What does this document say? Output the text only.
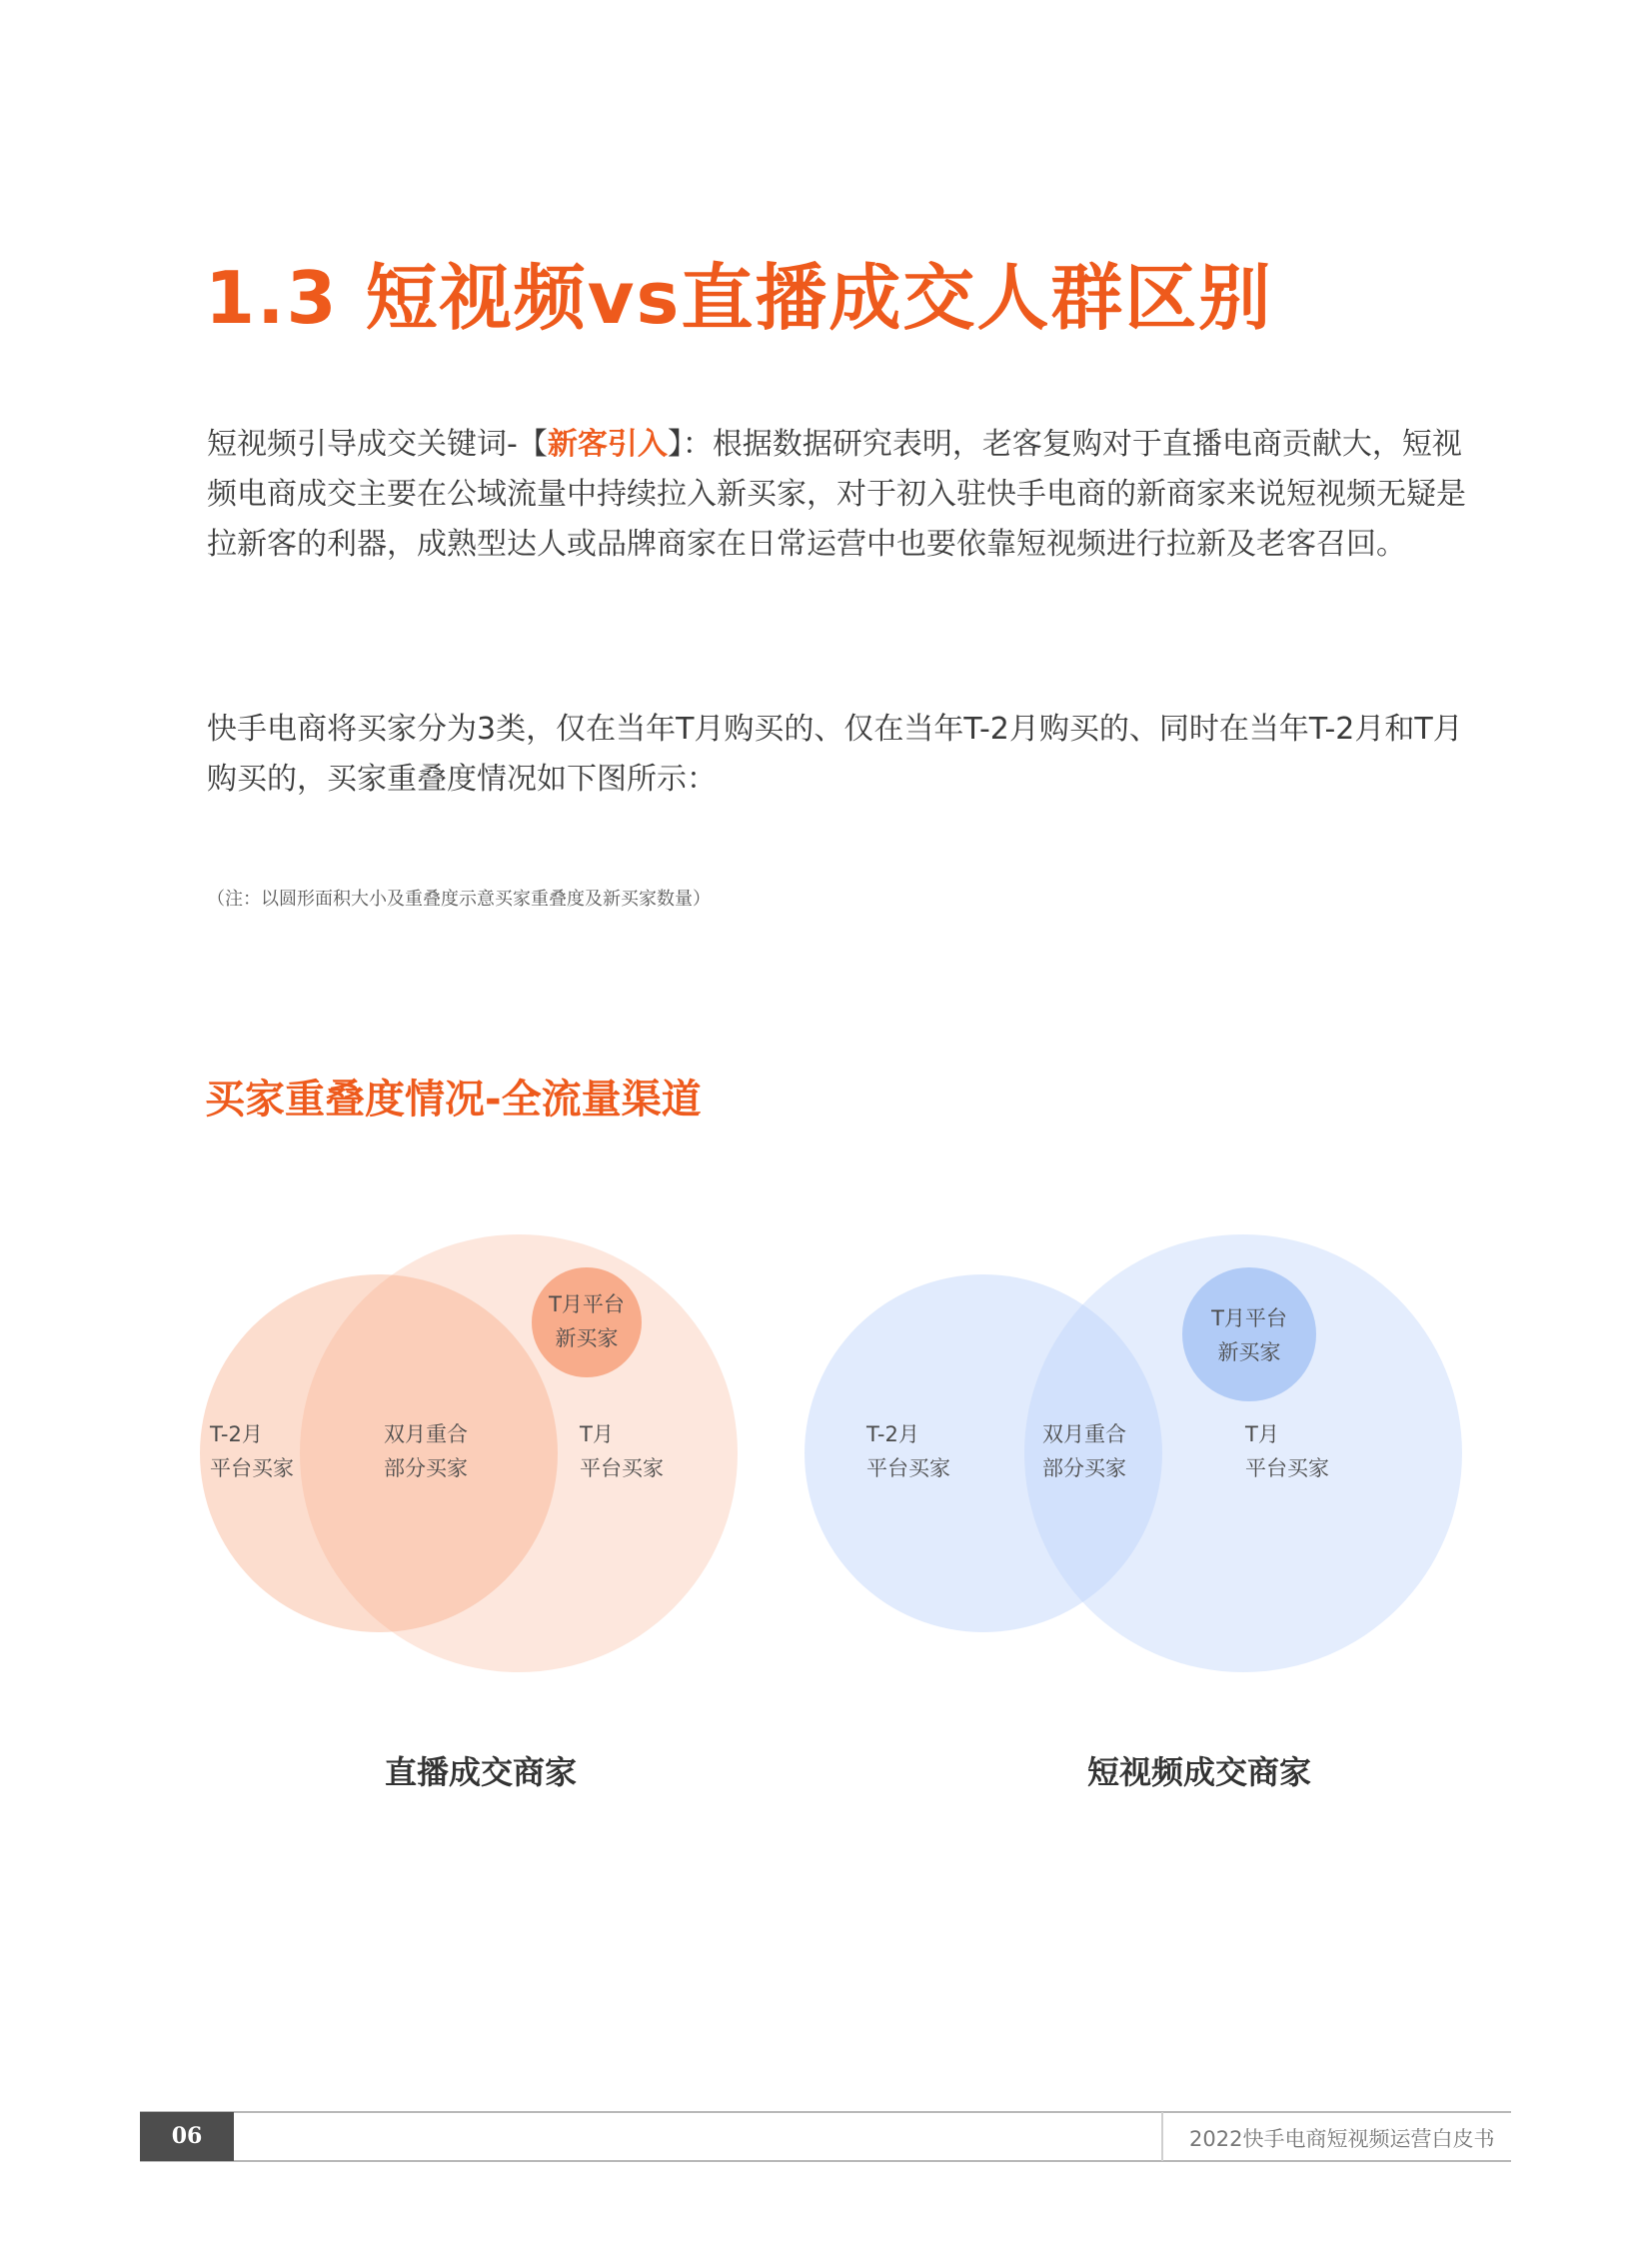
1.3 短视频vs直播成交人群区别

短视频引导成交关键词-【新客引入】：根据数据研究表明，老客复购对于直播电商贡献大，短视频电商成交主要在公域流量中持续拉入新买家，对于初入驻快手电商的新商家来说短视频无疑是拉新客的利器，成熟型达人或品牌商家在日常运营中也要依靠短视频进行拉新及老客召回。

快手电商将买家分为3类，仅在当年T月购买的、仅在当年T-2月购买的、同时在当年T-2月和T月购买的，买家重叠度情况如下图所示：

（注：以圆形面积大小及重叠度示意买家重叠度及新买家数量）

买家重叠度情况-全流量渠道
T月平台
新买家
T-2月
平台买家
双月重合
部分买家
T月
平台买家
T月平台
新买家
T-2月
平台买家
双月重合
部分买家
T月
平台买家
直播成交商家	短视频成交商家
06	2022快手电商短视频运营白皮书
